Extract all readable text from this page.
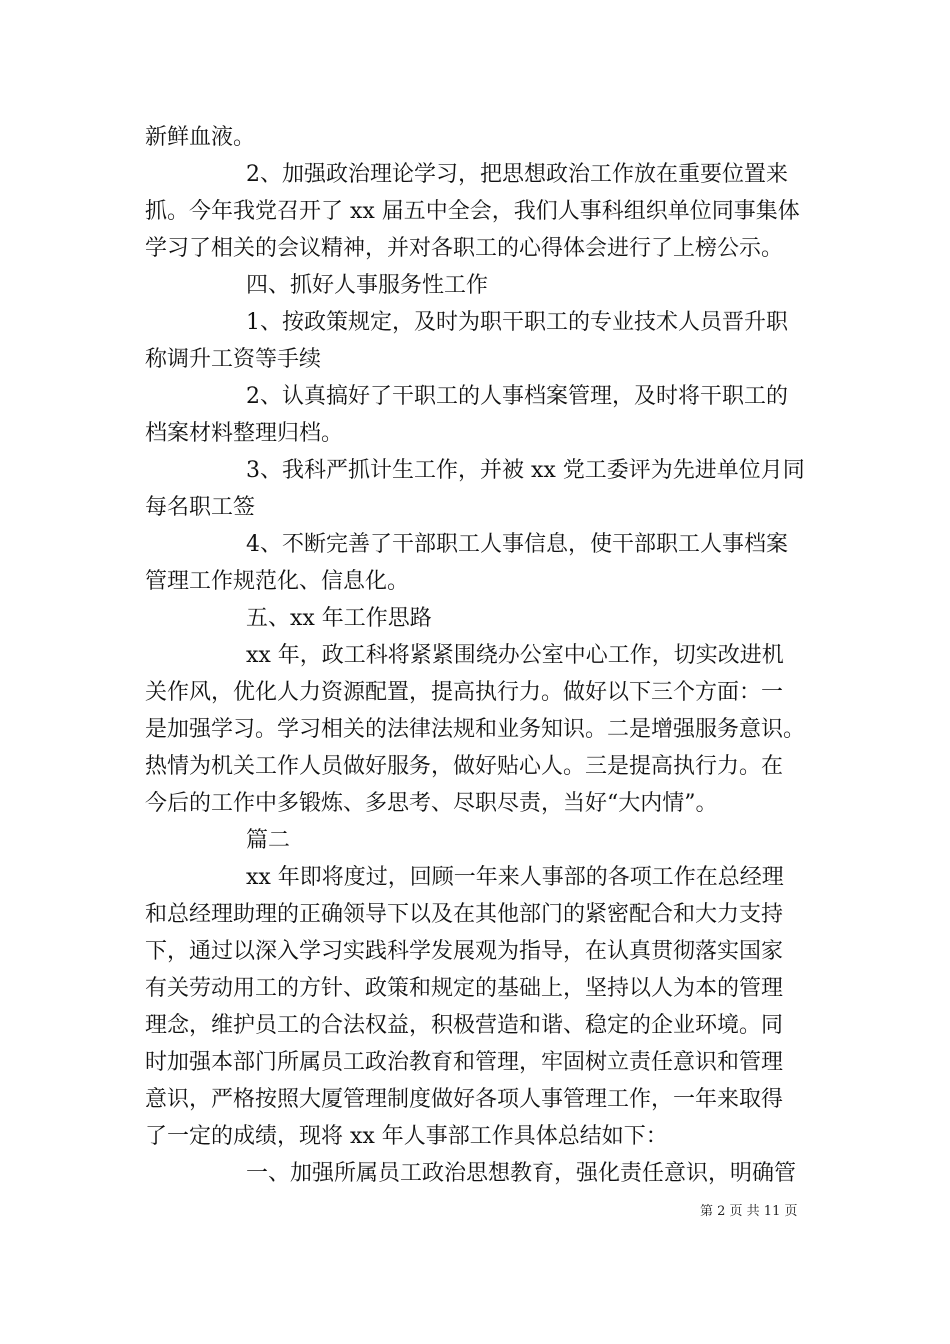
新鲜血液。
2、加强政治理论学习，把思想政治工作放在重要位置来
抓。今年我党召开了 xx 届五中全会，我们人事科组织单位同事集体
学习了相关的会议精神，并对各职工的心得体会进行了上榜公示。
四、抓好人事服务性工作
1、按政策规定，及时为职干职工的专业技术人员晋升职
称调升工资等手续
2、认真搞好了干职工的人事档案管理，及时将干职工的
档案材料整理归档。
3、我科严抓计生工作，并被 xx 党工委评为先进单位月同
每名职工签
4、不断完善了干部职工人事信息，使干部职工人事档案
管理工作规范化、信息化。
五、xx 年工作思路
xx 年，政工科将紧紧围绕办公室中心工作，切实改进机
关作风，优化人力资源配置，提高执行力。做好以下三个方面：一
是加强学习。学习相关的法律法规和业务知识。二是增强服务意识。
热情为机关工作人员做好服务，做好贴心人。三是提高执行力。在
今后的工作中多锻炼、多思考、尽职尽责，当好“大内情”。
篇二
xx 年即将度过，回顾一年来人事部的各项工作在总经理
和总经理助理的正确领导下以及在其他部门的紧密配合和大力支持
下，通过以深入学习实践科学发展观为指导，在认真贯彻落实国家
有关劳动用工的方针、政策和规定的基础上，坚持以人为本的管理
理念，维护员工的合法权益，积极营造和谐、稳定的企业环境。同
时加强本部门所属员工政治教育和管理，牢固树立责任意识和管理
意识，严格按照大厦管理制度做好各项人事管理工作，一年来取得
了一定的成绩，现将 xx 年人事部工作具体总结如下：
一、加强所属员工政治思想教育，强化责任意识，明确管
第 2 页 共 11 页
